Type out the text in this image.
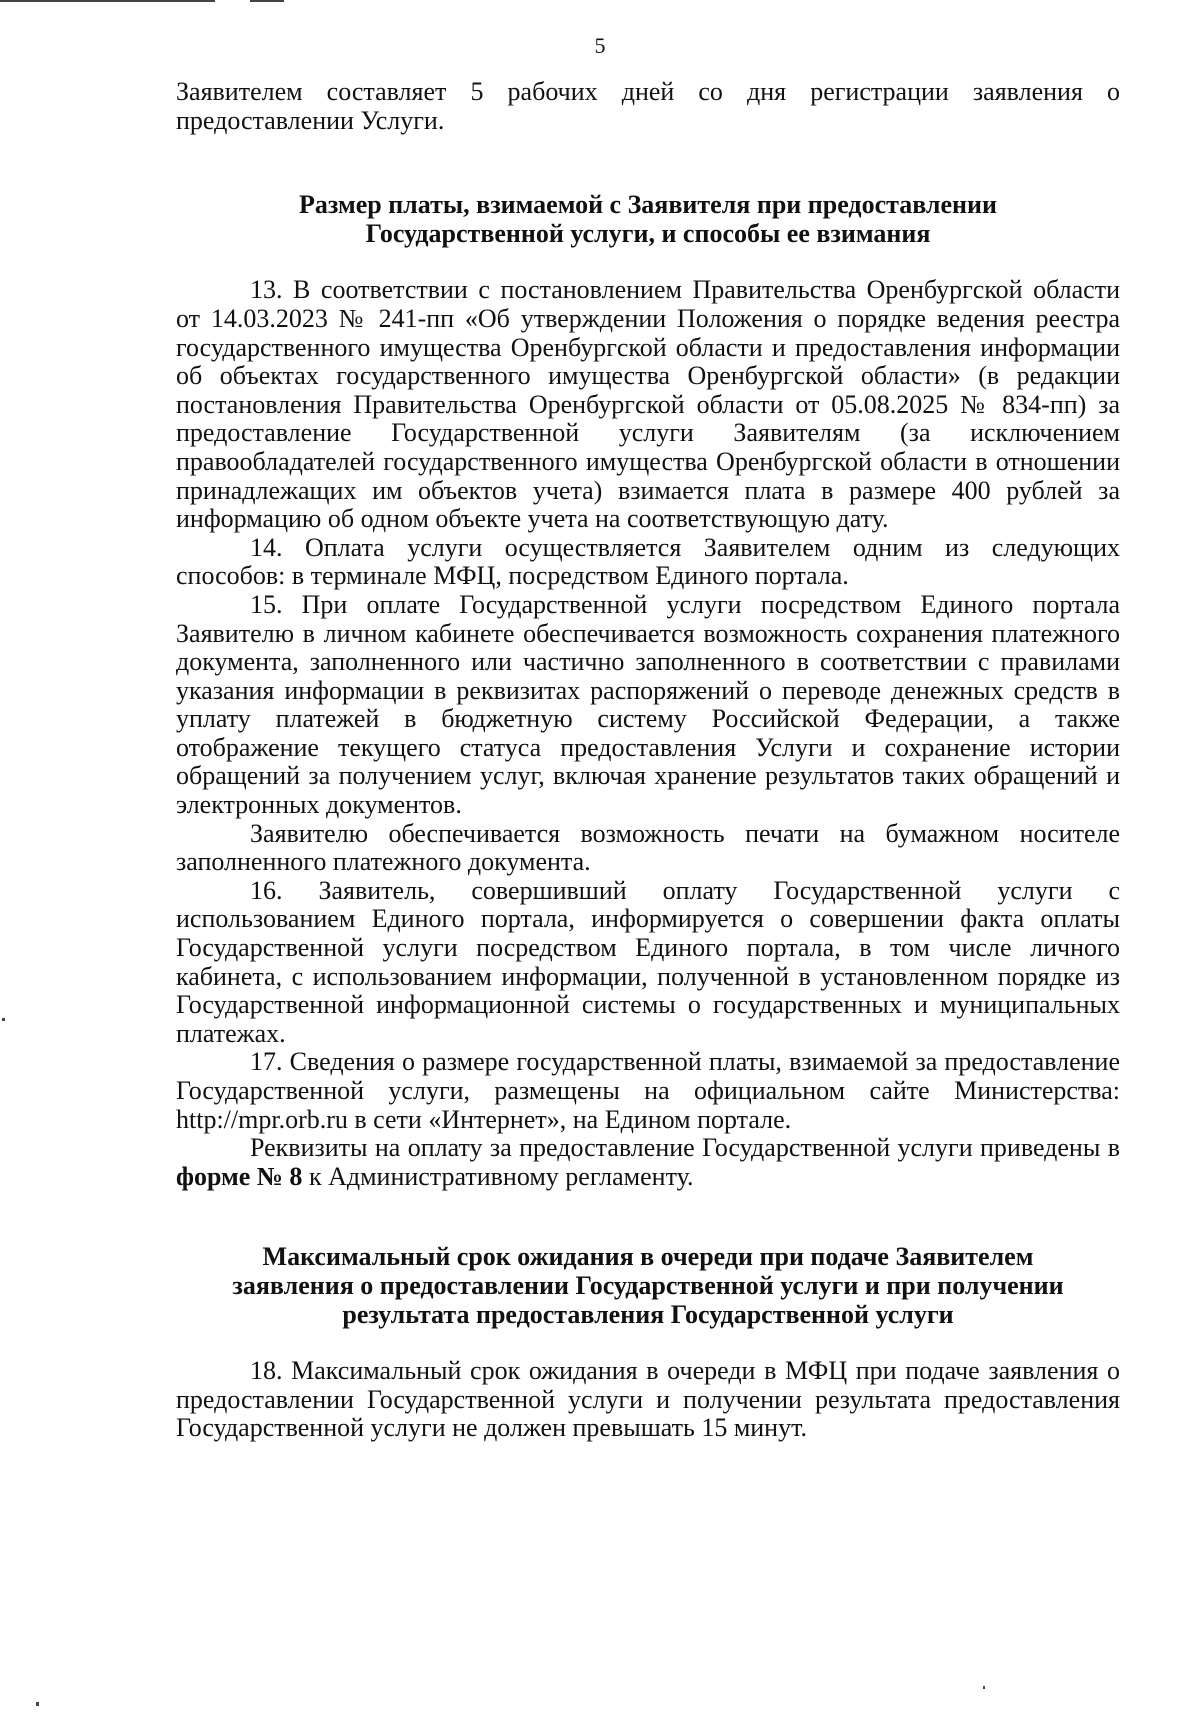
5

Заявителем составляет 5 рабочих дней со дня регистрации заявления о предоставлении Услуги.

Размер платы, взимаемой с Заявителя при предоставлении
Государственной услуги, и способы ее взимания

13. В соответствии с постановлением Правительства Оренбургской области от 14.03.2023 № 241-пп «Об утверждении Положения о порядке ведения реестра государственного имущества Оренбургской области и предоставления информации об объектах государственного имущества Оренбургской области» (в редакции постановления Правительства Оренбургской области от 05.08.2025 № 834-пп) за предоставление Государственной услуги Заявителям (за исключением правообладателей государственного имущества Оренбургской области в отношении принадлежащих им объектов учета) взимается плата в размере 400 рублей за информацию об одном объекте учета на соответствующую дату.

14. Оплата услуги осуществляется Заявителем одним из следующих способов: в терминале МФЦ, посредством Единого портала.

15. При оплате Государственной услуги посредством Единого портала Заявителю в личном кабинете обеспечивается возможность сохранения платежного документа, заполненного или частично заполненного в соответствии с правилами указания информации в реквизитах распоряжений о переводе денежных средств в уплату платежей в бюджетную систему Российской Федерации, а также отображение текущего статуса предоставления Услуги и сохранение истории обращений за получением услуг, включая хранение результатов таких обращений и электронных документов.

Заявителю обеспечивается возможность печати на бумажном носителе заполненного платежного документа.

16. Заявитель, совершивший оплату Государственной услуги с использованием Единого портала, информируется о совершении факта оплаты Государственной услуги посредством Единого портала, в том числе личного кабинета, с использованием информации, полученной в установленном порядке из Государственной информационной системы о государственных и муниципальных платежах.

17. Сведения о размере государственной платы, взимаемой за предоставление Государственной услуги, размещены на официальном сайте Министерства: http://mpr.orb.ru в сети «Интернет», на Едином портале.

Реквизиты на оплату за предоставление Государственной услуги приведены в форме № 8 к Административному регламенту.

Максимальный срок ожидания в очереди при подаче Заявителем
заявления о предоставлении Государственной услуги и при получении
результата предоставления Государственной услуги

18. Максимальный срок ожидания в очереди в МФЦ при подаче заявления о предоставлении Государственной услуги и получении результата предоставления Государственной услуги не должен превышать 15 минут.
